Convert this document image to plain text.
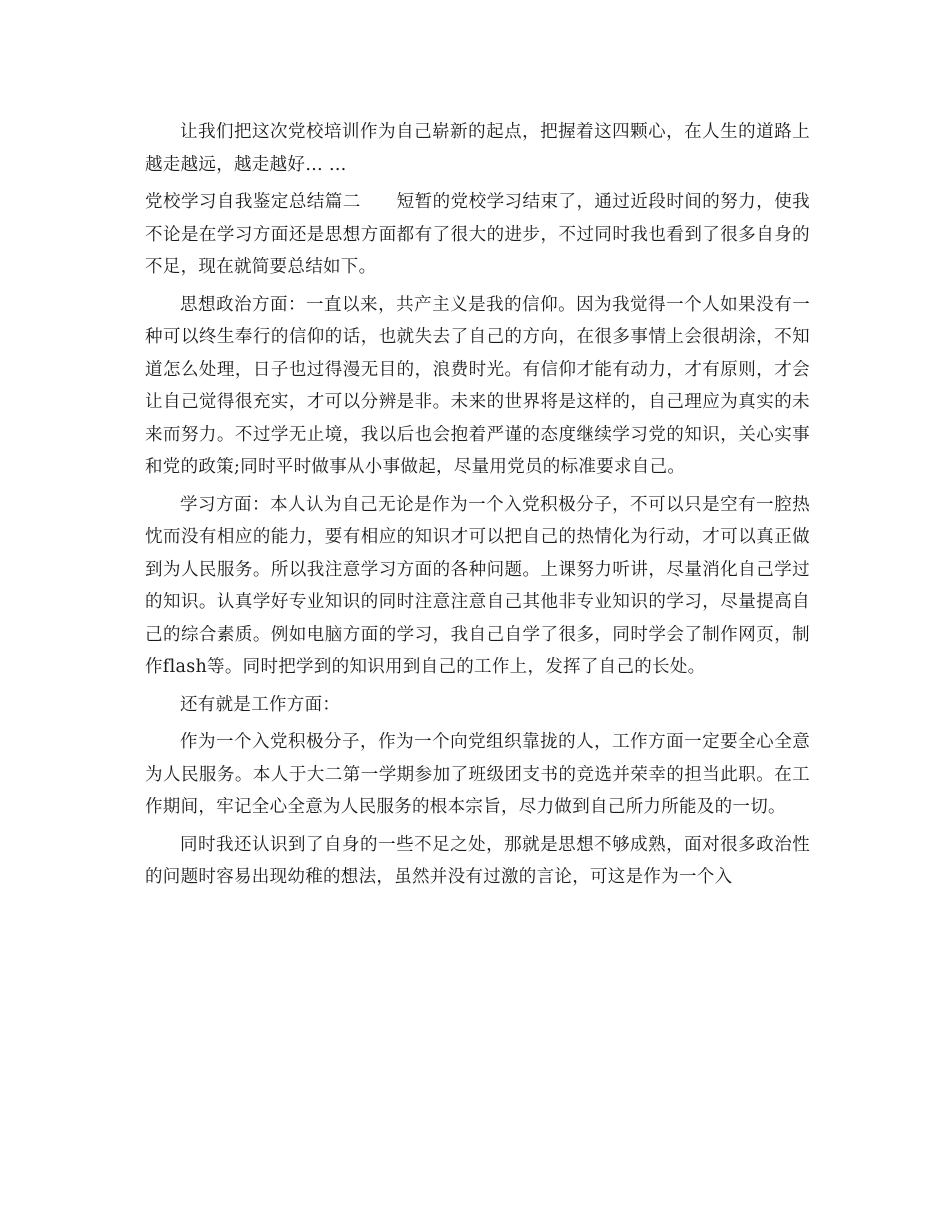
让我们把这次党校培训作为自己崭新的起点，把握着这四颗心，在人生的道路上越走越远，越走越好… …

党校学习自我鉴定总结篇二　　短暂的党校学习结束了，通过近段时间的努力，使我不论是在学习方面还是思想方面都有了很大的进步，不过同时我也看到了很多自身的不足，现在就简要总结如下。

思想政治方面：一直以来，共产主义是我的信仰。因为我觉得一个人如果没有一种可以终生奉行的信仰的话，也就失去了自己的方向，在很多事情上会很胡涂，不知道怎么处理，日子也过得漫无目的，浪费时光。有信仰才能有动力，才有原则，才会让自己觉得很充实，才可以分辨是非。未来的世界将是这样的，自己理应为真实的未来而努力。不过学无止境，我以后也会抱着严谨的态度继续学习党的知识，关心实事和党的政策;同时平时做事从小事做起，尽量用党员的标准要求自己。

学习方面：本人认为自己无论是作为一个入党积极分子，不可以只是空有一腔热忱而没有相应的能力，要有相应的知识才可以把自己的热情化为行动，才可以真正做到为人民服务。所以我注意学习方面的各种问题。上课努力听讲，尽量消化自己学过的知识。认真学好专业知识的同时注意注意自己其他非专业知识的学习，尽量提高自己的综合素质。例如电脑方面的学习，我自己自学了很多，同时学会了制作网页，制作flash等。同时把学到的知识用到自己的工作上，发挥了自己的长处。

还有就是工作方面：

作为一个入党积极分子，作为一个向党组织靠拢的人，工作方面一定要全心全意为人民服务。本人于大二第一学期参加了班级团支书的竞选并荣幸的担当此职。在工作期间，牢记全心全意为人民服务的根本宗旨，尽力做到自己所力所能及的一切。

同时我还认识到了自身的一些不足之处，那就是思想不够成熟，面对很多政治性的问题时容易出现幼稚的想法，虽然并没有过激的言论，可这是作为一个入
